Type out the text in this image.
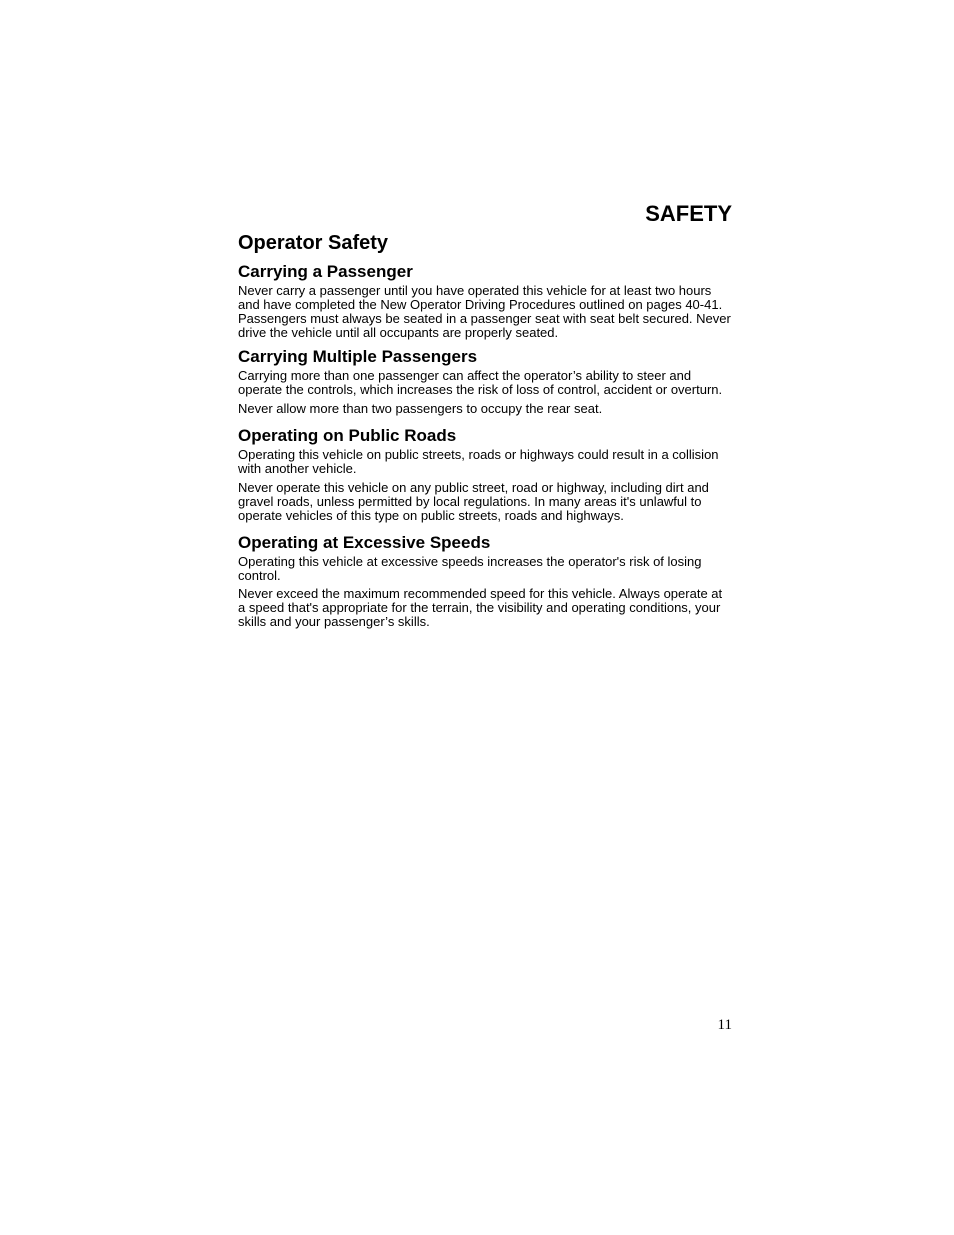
SAFETY
Operator Safety
Carrying a Passenger

Never carry a passenger until you have operated this vehicle for at least two hours and have completed the New Operator Driving Procedures outlined on pages 40-41. Passengers must always be seated in a passenger seat with seat belt secured. Never drive the vehicle until all occupants are properly seated.

Carrying Multiple Passengers

Carrying more than one passenger can affect the operator’s ability to steer and operate the controls, which increases the risk of loss of control, accident or overturn.

Never allow more than two passengers to occupy the rear seat.

Operating on Public Roads

Operating this vehicle on public streets, roads or highways could result in a collision with another vehicle.

Never operate this vehicle on any public street, road or highway, including dirt and gravel roads, unless permitted by local regulations. In many areas it's unlawful to operate vehicles of this type on public streets, roads and highways.

Operating at Excessive Speeds

Operating this vehicle at excessive speeds increases the operator's risk of losing control.

Never exceed the maximum recommended speed for this vehicle. Always operate at a speed that's appropriate for the terrain, the visibility and operating conditions, your skills and your passenger’s skills.

11
